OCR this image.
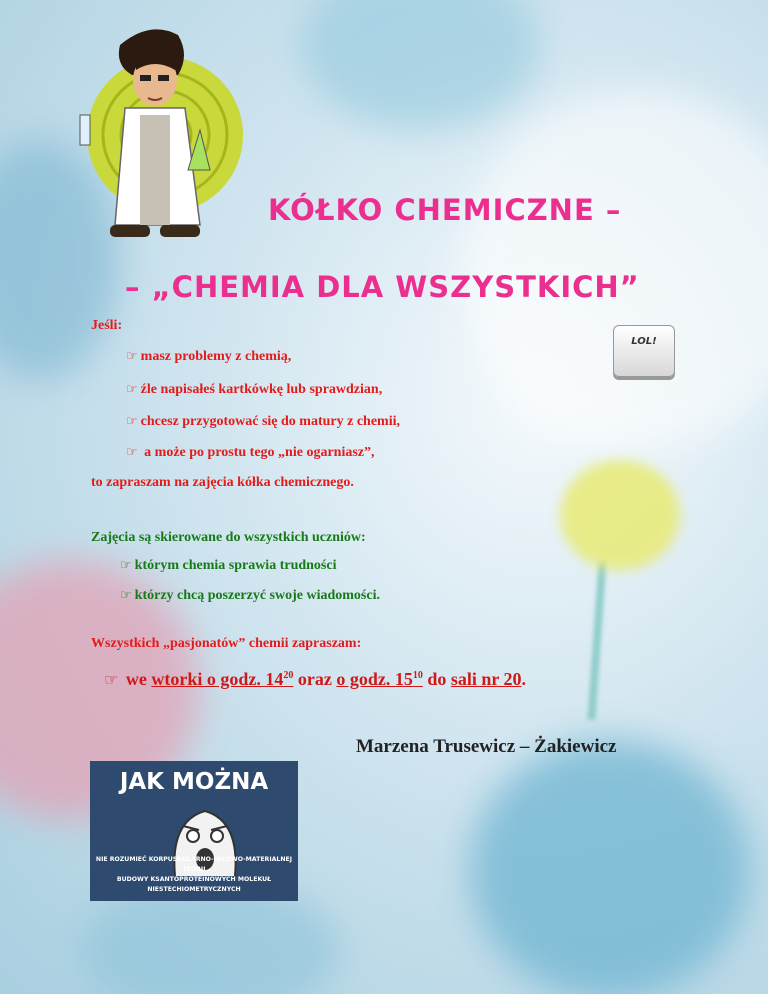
KÓŁKO CHEMICZNE –
– „CHEMIA DLA WSZYSTKICH”
LOL!
Jeśli:
☞ masz problemy z chemią,
☞ źle napisałeś kartkówkę lub sprawdzian,
☞ chcesz przygotować się do matury z chemii,
☞ a może po prostu tego „nie ogarniasz”,
to zapraszam na zajęcia kółka chemicznego.
Zajęcia są skierowane do wszystkich uczniów:
☞ którym chemia sprawia trudności
☞ którzy chcą poszerzyć swoje wiadomości.
Wszystkich „pasjonatów” chemii zapraszam:
☞ we wtorki o godz. $14^{20}$ oraz o godz. $15^{10}$ do sali nr 20.
Marzena Trusewicz – Żakiewicz
JAK MOŻNA
NIE ROZUMIEĆ KORPUSKULARNO-FALOWO-MATERIALNEJ TEORII
BUDOWY KSANTOPROTEINOWYCH MOLEKUŁ
NIESTECHIOMETRYCZNYCH
